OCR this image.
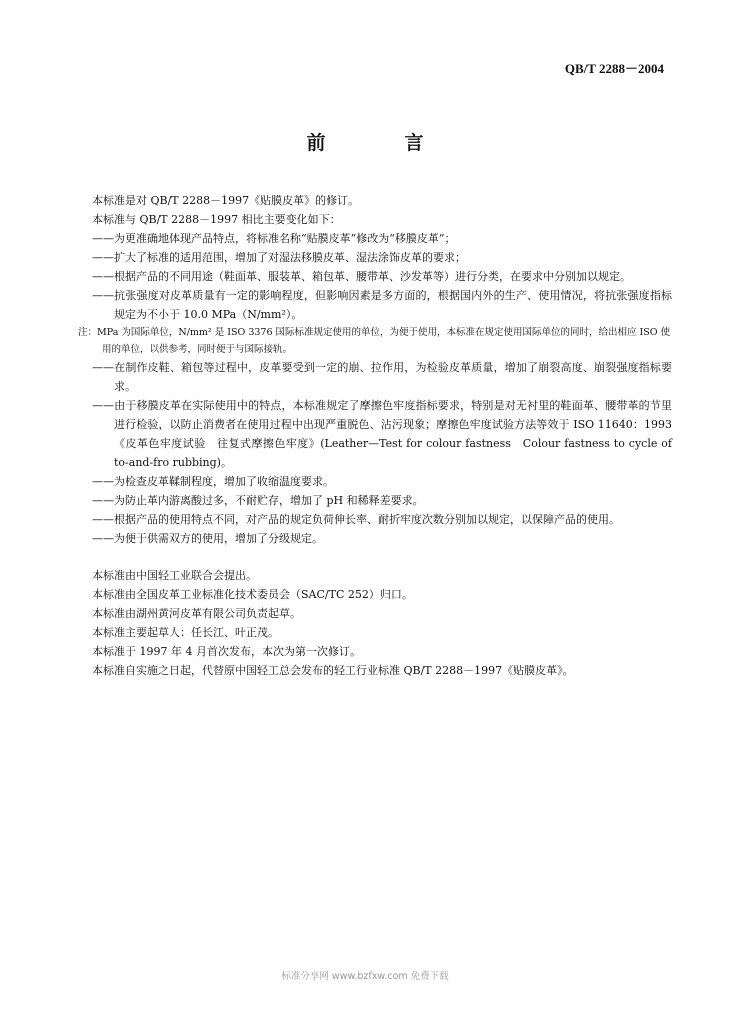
QB/T 2288－2004
前　言
本标准是对 QB/T 2288－1997《贴膜皮革》的修订。
本标准与 QB/T 2288－1997 相比主要变化如下：
——为更准确地体现产品特点，将标准名称“贴膜皮革”修改为“移膜皮革”；
——扩大了标准的适用范围，增加了对湿法移膜皮革、湿法涂饰皮革的要求；
——根据产品的不同用途（鞋面革、服装革、箱包革、腰带革、沙发革等）进行分类，在要求中分别加以规定。
——抗张强度对皮革质量有一定的影响程度，但影响因素是多方面的，根据国内外的生产、使用情况，将抗张强度指标规定为不小于 10.0 MPa（N/mm²）。
注：MPa 为国际单位，N/mm² 是 ISO 3376 国际标准规定使用的单位，为便于使用，本标准在规定使用国际单位的同时，给出相应 ISO 使用的单位，以供参考，同时便于与国际接轨。
——在制作皮鞋、箱包等过程中，皮革要受到一定的崩、拉作用，为检验皮革质量，增加了崩裂高度、崩裂强度指标要求。
——由于移膜皮革在实际使用中的特点，本标准规定了摩擦色牢度指标要求，特别是对无衬里的鞋面革、腰带革的节里进行检验，以防止消费者在使用过程中出现严重脱色、沾污现象；摩擦色牢度试验方法等效于 ISO 11640：1993《皮革色牢度试验　往复式摩擦色牢度》(Leather—Test for colour fastness　Colour fastness to cycle of to-and-fro rubbing)。
——为检查皮革鞣制程度，增加了收缩温度要求。
——为防止革内游离酸过多，不耐贮存，增加了 pH 和稀释差要求。
——根据产品的使用特点不同，对产品的规定负荷伸长率、耐折牢度次数分别加以规定，以保障产品的使用。
——为便于供需双方的使用，增加了分级规定。
本标准由中国轻工业联合会提出。
本标准由全国皮革工业标准化技术委员会（SAC/TC 252）归口。
本标准由湖州黄河皮革有限公司负责起草。
本标准主要起草人：任长江、叶正茂。
本标准于 1997 年 4 月首次发布，本次为第一次修订。
本标准自实施之日起，代替原中国轻工总会发布的轻工行业标准 QB/T 2288－1997《贴膜皮革》。
标准分享网 www.bzfxw.com 免费下载
